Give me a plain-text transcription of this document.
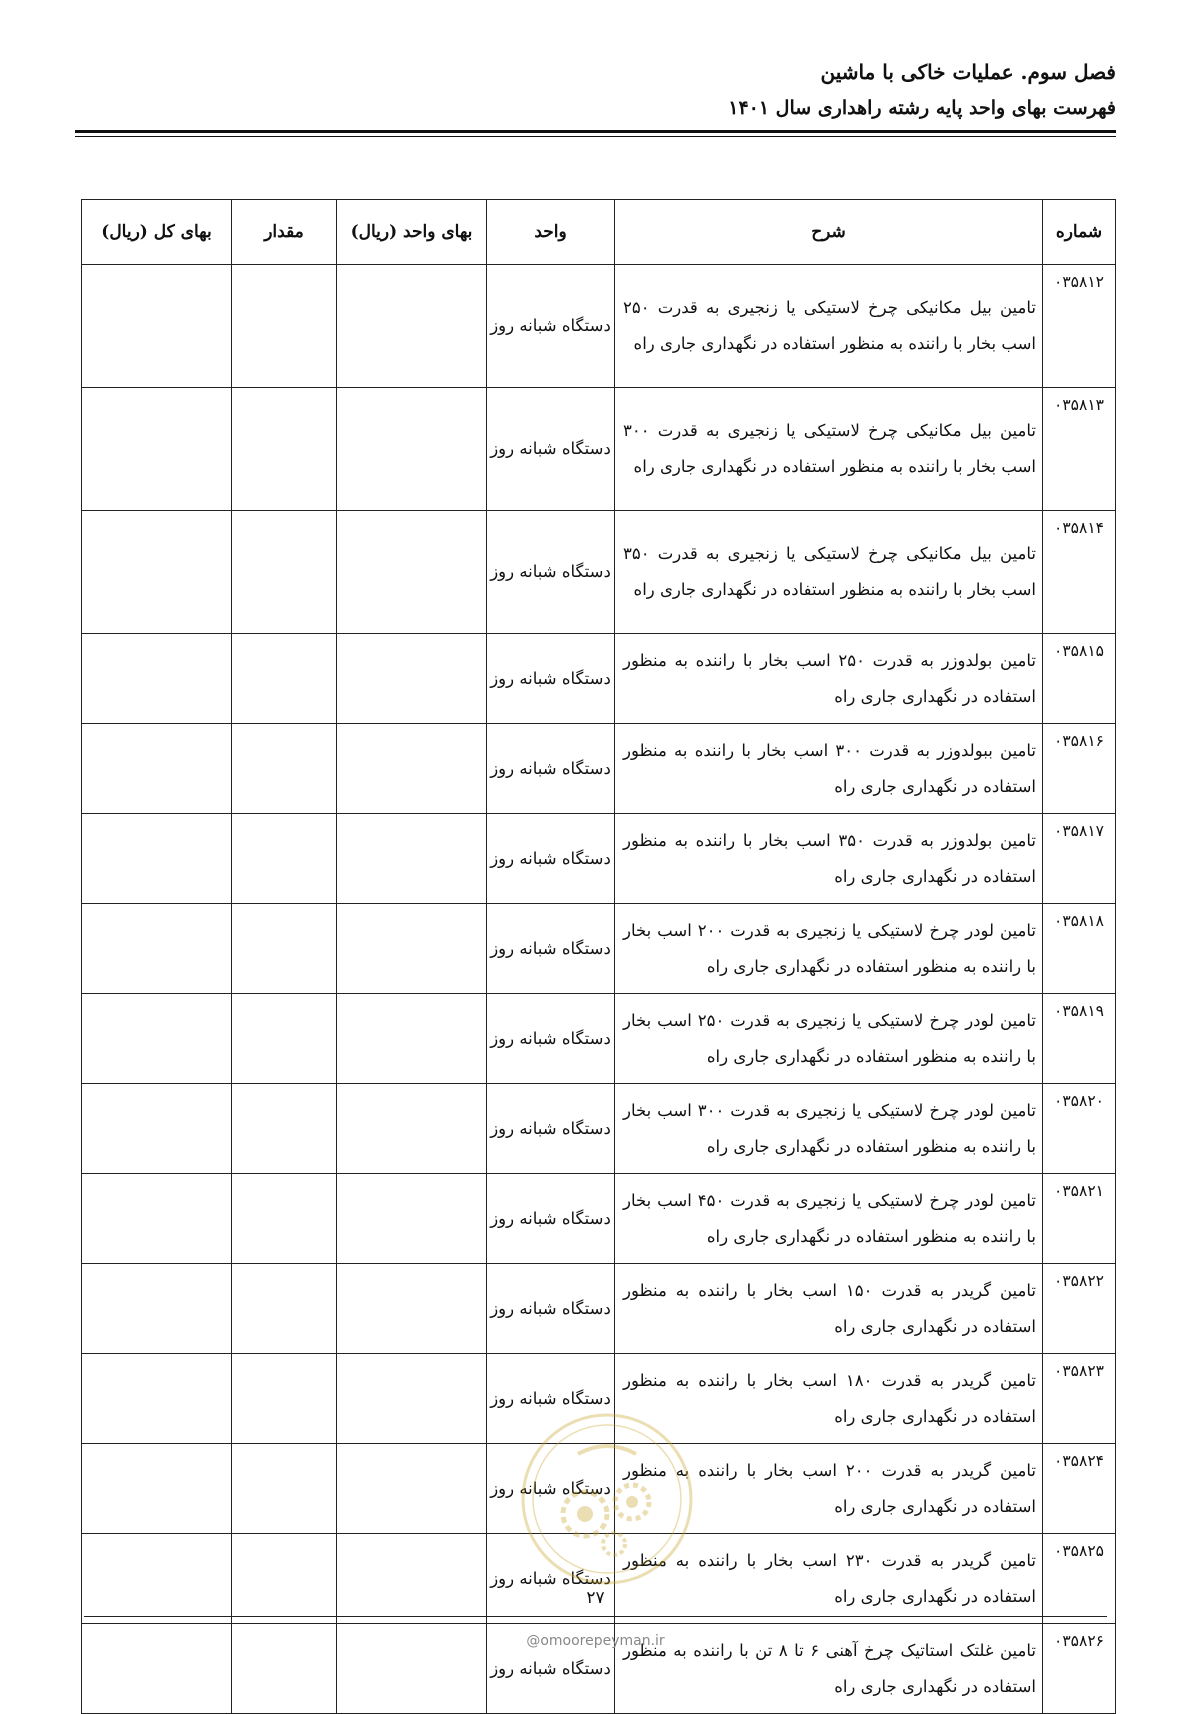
فصل سوم. عملیات خاکی با ماشین
فهرست بهای واحد پایه رشته راهداری سال ۱۴۰۱
شماره	شرح	واحد	بهای واحد (ریال)	مقدار	بهای کل (ریال)
۰۳۵۸۱۲	تامین بیل مکانیکی چرخ لاستیکی یا زنجیری به قدرت ۲۵۰ اسب بخار با راننده به منظور استفاده در نگهداری جاری راه	دستگاه شبانه روز			
۰۳۵۸۱۳	تامین بیل مکانیکی چرخ لاستیکی یا زنجیری به قدرت ۳۰۰ اسب بخار با راننده به منظور استفاده در نگهداری جاری راه	دستگاه شبانه روز			
۰۳۵۸۱۴	تامین بیل مکانیکی چرخ لاستیکی یا زنجیری به قدرت ۳۵۰ اسب بخار با راننده به منظور استفاده در نگهداری جاری راه	دستگاه شبانه روز			
۰۳۵۸۱۵	تامین بولدوزر به قدرت ۲۵۰ اسب بخار با راننده به منظور استفاده در نگهداری جاری راه	دستگاه شبانه روز			
۰۳۵۸۱۶	تامین ببولدوزر به قدرت ۳۰۰ اسب بخار با راننده به منظور استفاده در نگهداری جاری راه	دستگاه شبانه روز			
۰۳۵۸۱۷	تامین بولدوزر به قدرت ۳۵۰ اسب بخار با راننده به منظور استفاده در نگهداری جاری راه	دستگاه شبانه روز			
۰۳۵۸۱۸	تامین لودر چرخ لاستیکی یا زنجیری به قدرت ۲۰۰ اسب بخار با راننده به منظور استفاده در نگهداری جاری راه	دستگاه شبانه روز			
۰۳۵۸۱۹	تامین لودر چرخ لاستیکی یا زنجیری به قدرت ۲۵۰ اسب بخار با راننده به منظور استفاده در نگهداری جاری راه	دستگاه شبانه روز			
۰۳۵۸۲۰	تامین لودر چرخ لاستیکی یا زنجیری به قدرت ۳۰۰ اسب بخار با راننده به منظور استفاده در نگهداری جاری راه	دستگاه شبانه روز			
۰۳۵۸۲۱	تامین لودر چرخ لاستیکی یا زنجیری به قدرت ۴۵۰ اسب بخار با راننده به منظور استفاده در نگهداری جاری راه	دستگاه شبانه روز			
۰۳۵۸۲۲	تامین گریدر به قدرت ۱۵۰ اسب بخار با راننده به منظور استفاده در نگهداری جاری راه	دستگاه شبانه روز			
۰۳۵۸۲۳	تامین گریدر به قدرت ۱۸۰ اسب بخار با راننده به منظور استفاده در نگهداری جاری راه	دستگاه شبانه روز			
۰۳۵۸۲۴	تامین گریدر به قدرت ۲۰۰ اسب بخار با راننده به منظور استفاده در نگهداری جاری راه	دستگاه شبانه روز			
۰۳۵۸۲۵	تامین گریدر به قدرت ۲۳۰ اسب بخار با راننده به منظور استفاده در نگهداری جاری راه	دستگاه شبانه روز			
۰۳۵۸۲۶	تامین غلتک استاتیک چرخ آهنی ۶ تا ۸ تن با راننده به منظور استفاده در نگهداری جاری راه	دستگاه شبانه روز			
۲۷
@omoorepeyman.ir
